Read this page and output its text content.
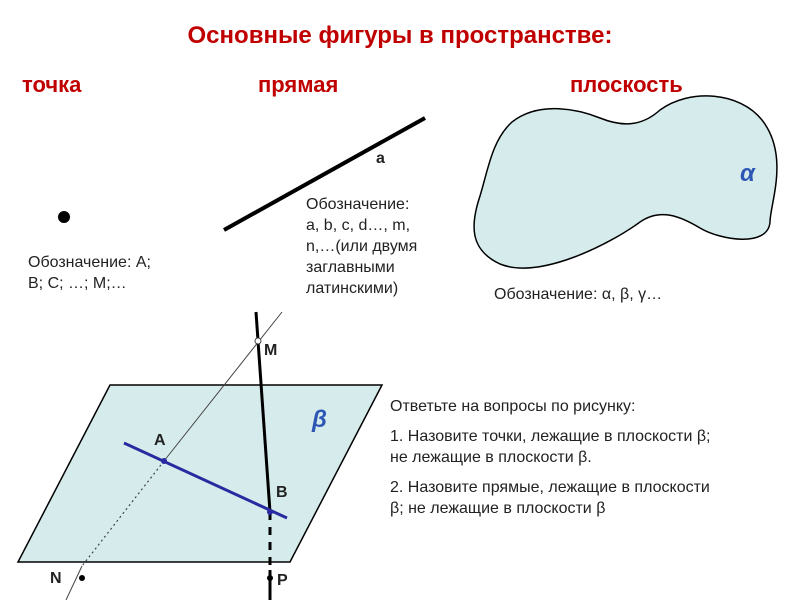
Основные фигуры в пространстве:
точка	прямая	плоскость
Обозначение: A;
B; C; …; M;…
a
Обозначение:
a, b, c, d…, m,
n,…(или двумя
заглавными
латинскими)
α
Обозначение: α, β, γ…
M
A
B
N	P
β	Ответьте на вопросы по рисунку:
1. Назовите точки, лежащие в плоскости β;
не лежащие в плоскости β.
2. Назовите прямые, лежащие в плоскости
β; не лежащие в плоскости β
